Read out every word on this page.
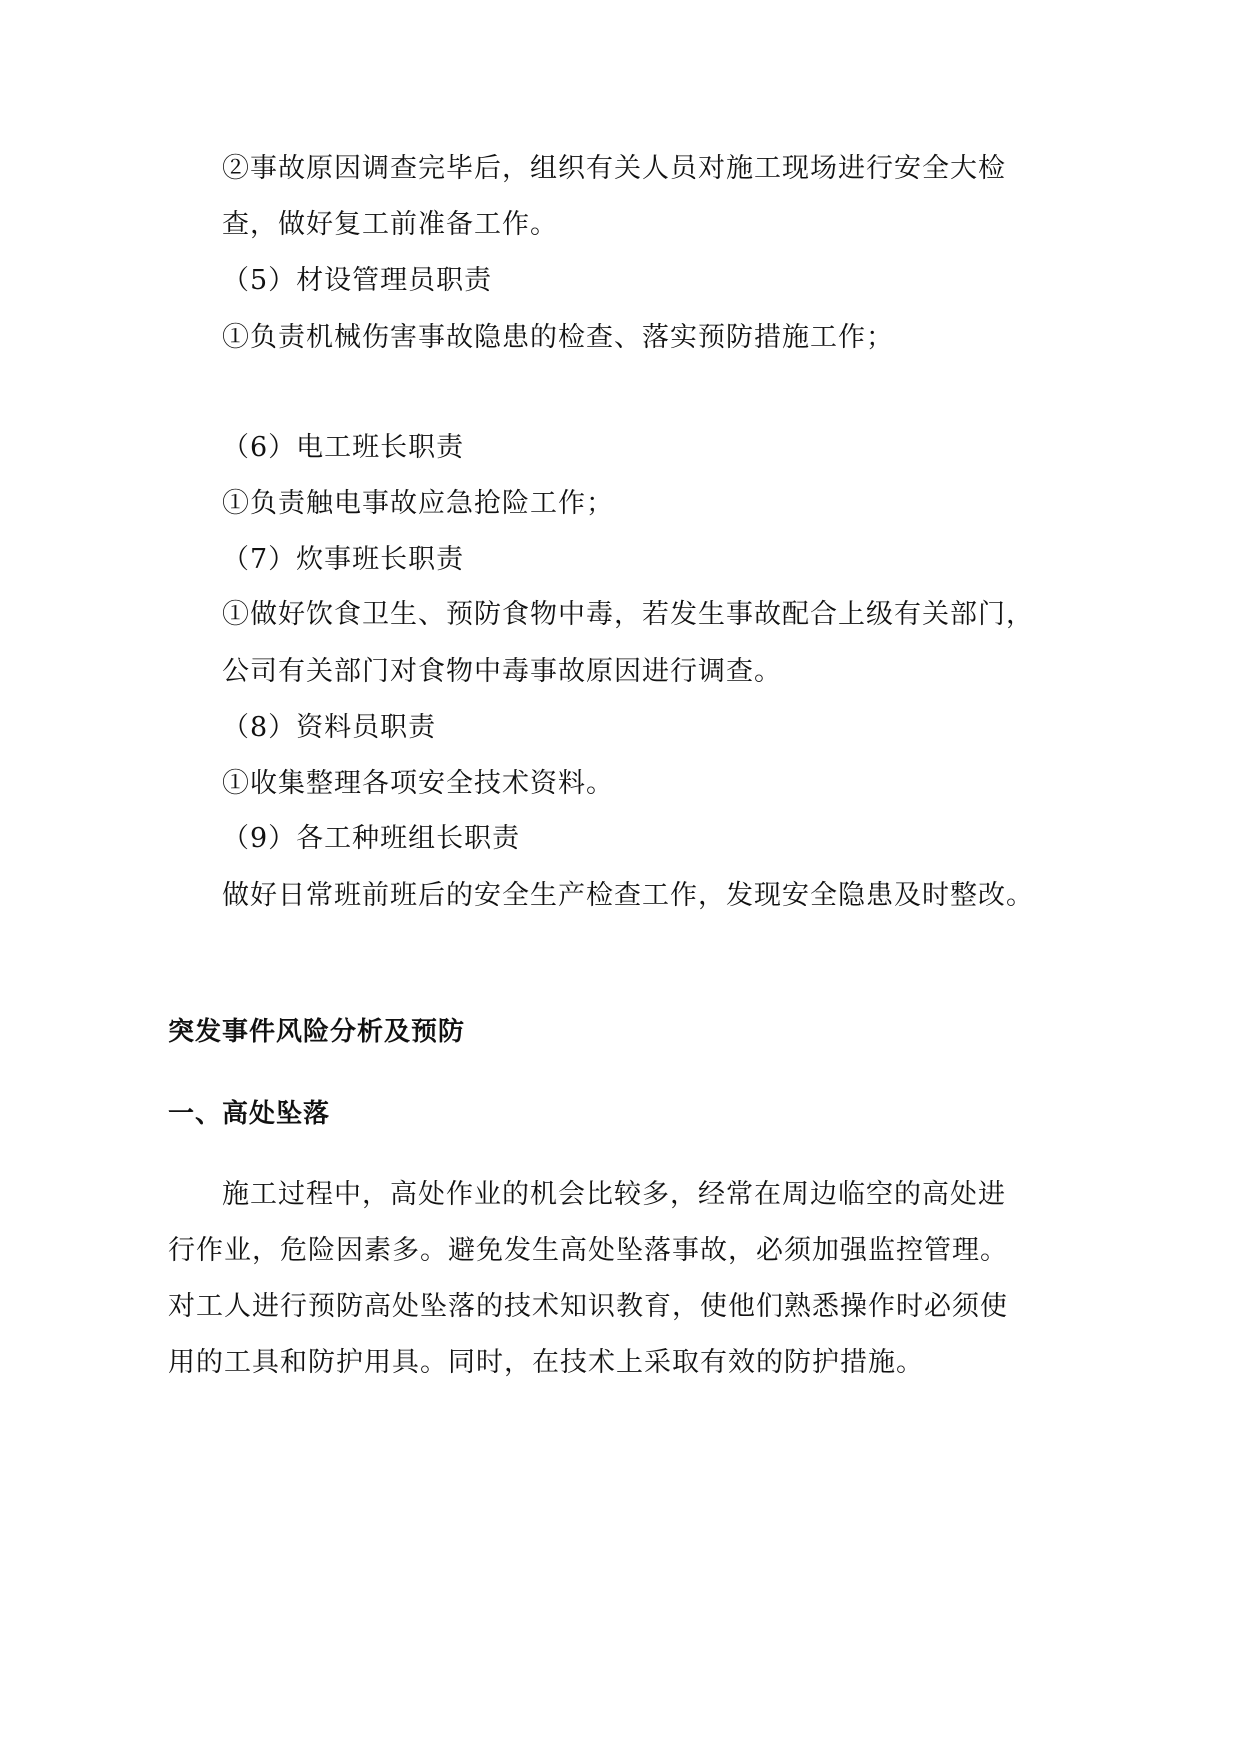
②事故原因调查完毕后，组织有关人员对施工现场进行安全大检
查，做好复工前准备工作。
（5）材设管理员职责
①负责机械伤害事故隐患的检查、落实预防措施工作；
（6）电工班长职责
①负责触电事故应急抢险工作；
（7）炊事班长职责
①做好饮食卫生、预防食物中毒，若发生事故配合上级有关部门，
公司有关部门对食物中毒事故原因进行调查。
（8）资料员职责
①收集整理各项安全技术资料。
（9）各工种班组长职责
做好日常班前班后的安全生产检查工作，发现安全隐患及时整改。
突发事件风险分析及预防
一、高处坠落
施工过程中，高处作业的机会比较多，经常在周边临空的高处进
行作业，危险因素多。避免发生高处坠落事故，必须加强监控管理。
对工人进行预防高处坠落的技术知识教育，使他们熟悉操作时必须使
用的工具和防护用具。同时，在技术上采取有效的防护措施。
